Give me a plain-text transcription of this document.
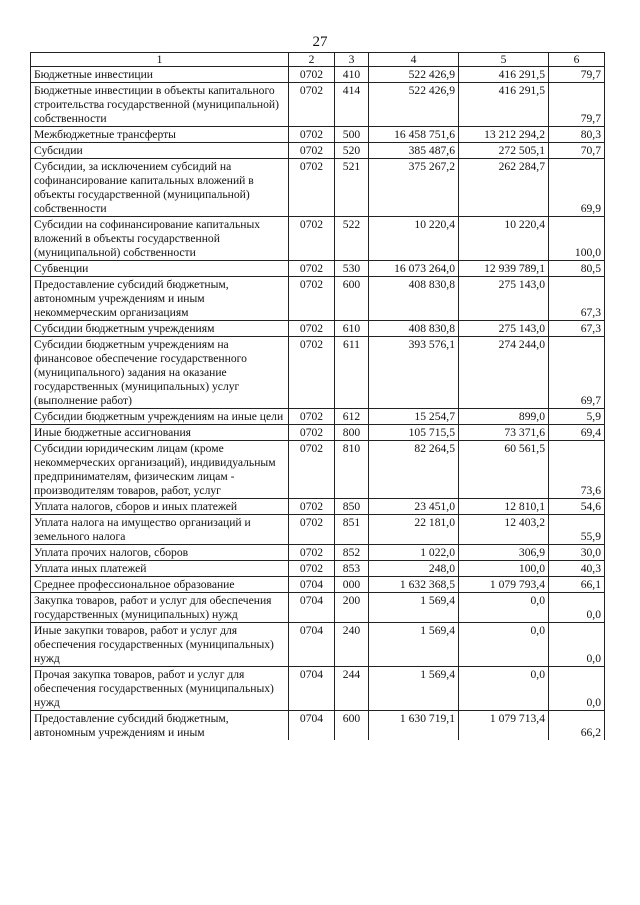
27
1	2	3	4	5	6
Бюджетные инвестиции	0702	410	522 426,9	416 291,5	79,7
Бюджетные инвестиции в объекты капитального строительства государственной (муниципальной) собственности	0702	414	522 426,9	416 291,5	79,7
Межбюджетные трансферты	0702	500	16 458 751,6	13 212 294,2	80,3
Субсидии	0702	520	385 487,6	272 505,1	70,7
Субсидии, за исключением субсидий на софинансирование капитальных вложений в объекты государственной (муниципальной) собственности	0702	521	375 267,2	262 284,7	69,9
Субсидии на софинансирование капитальных вложений в объекты государственной (муниципальной) собственности	0702	522	10 220,4	10 220,4	100,0
Субвенции	0702	530	16 073 264,0	12 939 789,1	80,5
Предоставление субсидий бюджетным, автономным учреждениям и иным некоммерческим организациям	0702	600	408 830,8	275 143,0	67,3
Субсидии бюджетным учреждениям	0702	610	408 830,8	275 143,0	67,3
Субсидии бюджетным учреждениям на финансовое обеспечение государственного (муниципального) задания на оказание государственных (муниципальных) услуг (выполнение работ)	0702	611	393 576,1	274 244,0	69,7
Субсидии бюджетным учреждениям на иные цели	0702	612	15 254,7	899,0	5,9
Иные бюджетные ассигнования	0702	800	105 715,5	73 371,6	69,4
Субсидии юридическим лицам (кроме некоммерческих организаций), индивидуальным предпринимателям, физическим лицам - производителям товаров, работ, услуг	0702	810	82 264,5	60 561,5	73,6
Уплата налогов, сборов и иных платежей	0702	850	23 451,0	12 810,1	54,6
Уплата налога на имущество организаций и земельного налога	0702	851	22 181,0	12 403,2	55,9
Уплата прочих налогов, сборов	0702	852	1 022,0	306,9	30,0
Уплата иных платежей	0702	853	248,0	100,0	40,3
Среднее профессиональное образование	0704	000	1 632 368,5	1 079 793,4	66,1
Закупка товаров, работ и услуг для обеспечения государственных (муниципальных) нужд	0704	200	1 569,4	0,0	0,0
Иные закупки товаров, работ и услуг для обеспечения государственных (муниципальных) нужд	0704	240	1 569,4	0,0	0,0
Прочая закупка товаров, работ и услуг для обеспечения государственных (муниципальных) нужд	0704	244	1 569,4	0,0	0,0
Предоставление субсидий бюджетным, автономным учреждениям и иным	0704	600	1 630 719,1	1 079 713,4	66,2
